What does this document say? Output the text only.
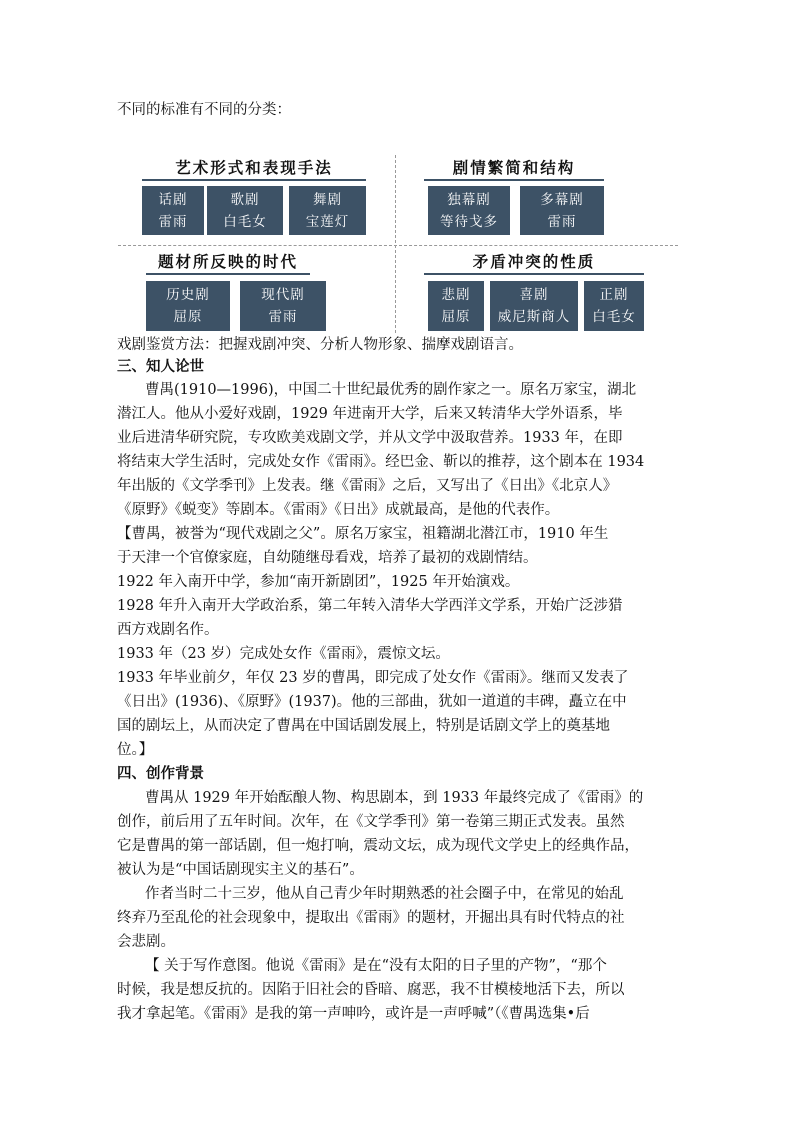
不同的标准有不同的分类：
艺术形式和表现手法
话剧
雷雨
歌剧
白毛女
舞剧
宝莲灯
剧情繁简和结构
独幕剧
等待戈多
多幕剧
雷雨
题材所反映的时代
历史剧
屈原
现代剧
雷雨
矛盾冲突的性质
悲剧
屈原
喜剧
威尼斯商人
正剧
白毛女
戏剧鉴赏方法：把握戏剧冲突、分析人物形象、揣摩戏剧语言。
三、知人论世
曹禺(1910—1996)，中国二十世纪最优秀的剧作家之一。原名万家宝，湖北
潜江人。他从小爱好戏剧，1929 年进南开大学，后来又转清华大学外语系，毕
业后进清华研究院，专攻欧美戏剧文学，并从文学中汲取营养。1933 年，在即
将结束大学生活时，完成处女作《雷雨》。经巴金、靳以的推荐，这个剧本在 1934
年出版的《文学季刊》上发表。继《雷雨》之后，又写出了《日出》《北京人》
《原野》《蜕变》等剧本。《雷雨》《日出》成就最高，是他的代表作。
【曹禺，被誉为“现代戏剧之父”。原名万家宝，祖籍湖北潜江市，1910 年生
于天津一个官僚家庭，自幼随继母看戏，培养了最初的戏剧情结。
1922 年入南开中学，参加“南开新剧团”，1925 年开始演戏。
1928 年升入南开大学政治系，第二年转入清华大学西洋文学系，开始广泛涉猎
西方戏剧名作。
1933 年（23 岁）完成处女作《雷雨》，震惊文坛。
1933 年毕业前夕，年仅 23 岁的曹禺，即完成了处女作《雷雨》。继而又发表了
《日出》(1936)、《原野》(1937)。他的三部曲，犹如一道道的丰碑，矗立在中
国的剧坛上，从而决定了曹禺在中国话剧发展上，特别是话剧文学上的奠基地
位。】
四、创作背景
曹禺从 1929 年开始酝酿人物、构思剧本，到 1933 年最终完成了《雷雨》的
创作，前后用了五年时间。次年，在《文学季刊》第一卷第三期正式发表。虽然
它是曹禺的第一部话剧，但一炮打响，震动文坛，成为现代文学史上的经典作品，
被认为是“中国话剧现实主义的基石”。
作者当时二十三岁，他从自己青少年时期熟悉的社会圈子中，在常见的始乱
终弃乃至乱伦的社会现象中，提取出《雷雨》的题材，开掘出具有时代特点的社
会悲剧。
【 关于写作意图。他说《雷雨》是在“没有太阳的日子里的产物”，“那个
时候，我是想反抗的。因陷于旧社会的昏暗、腐恶，我不甘模棱地活下去，所以
我才拿起笔。《雷雨》是我的第一声呻吟，或许是一声呼喊”（《曹禺选集•后
